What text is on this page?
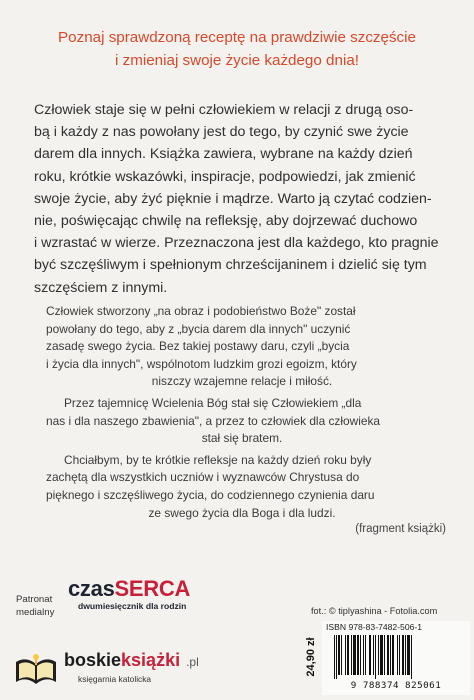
Poznaj sprawdzoną receptę na prawdziwie szczęście
i zmieniaj swoje życie każdego dnia!
Człowiek staje się w pełni człowiekiem w relacji z drugą oso-
bą i każdy z nas powołany jest do tego, by czynić swe życie
darem dla innych. Książka zawiera, wybrane na każdy dzień
roku, krótkie wskazówki, inspiracje, podpowiedzi, jak zmienić
swoje życie, aby żyć pięknie i mądrze. Warto ją czytać codzien-
nie, poświęcając chwilę na refleksję, aby dojrzewać duchowo
i wzrastać w wierze. Przeznaczona jest dla każdego, kto pragnie
być szczęśliwym i spełnionym chrześcijaninem i dzielić się tym
szczęściem z innymi.
Człowiek stworzony „na obraz i podobieństwo Boże" został
powołany do tego, aby z „bycia darem dla innych" uczynić
zasadę swego życia. Bez takiej postawy daru, czyli „bycia
i życia dla innych", wspólnotom ludzkim grozi egoizm, który
niszczy wzajemne relacje i miłość.
Przez tajemnicę Wcielenia Bóg stał się Człowiekiem „dla
nas i dla naszego zbawienia", a przez to człowiek dla człowieka
stał się bratem.
Chciałbym, by te krótkie refleksje na każdy dzień roku były
zachętą dla wszystkich uczniów i wyznawców Chrystusa do
pięknego i szczęśliwego życia, do codziennego czynienia daru
ze swego życia dla Boga i dla ludzi.
(fragment książki)
Patronat
medialny
czasSERCA
dwumiesięcznik dla rodzin
boskieksiążki .pl
księgarnia katolicka
fot.: © tiplyashina - Fotolia.com
24,90 zł
ISBN 978-83-7482-506-1
9 788374 825061
